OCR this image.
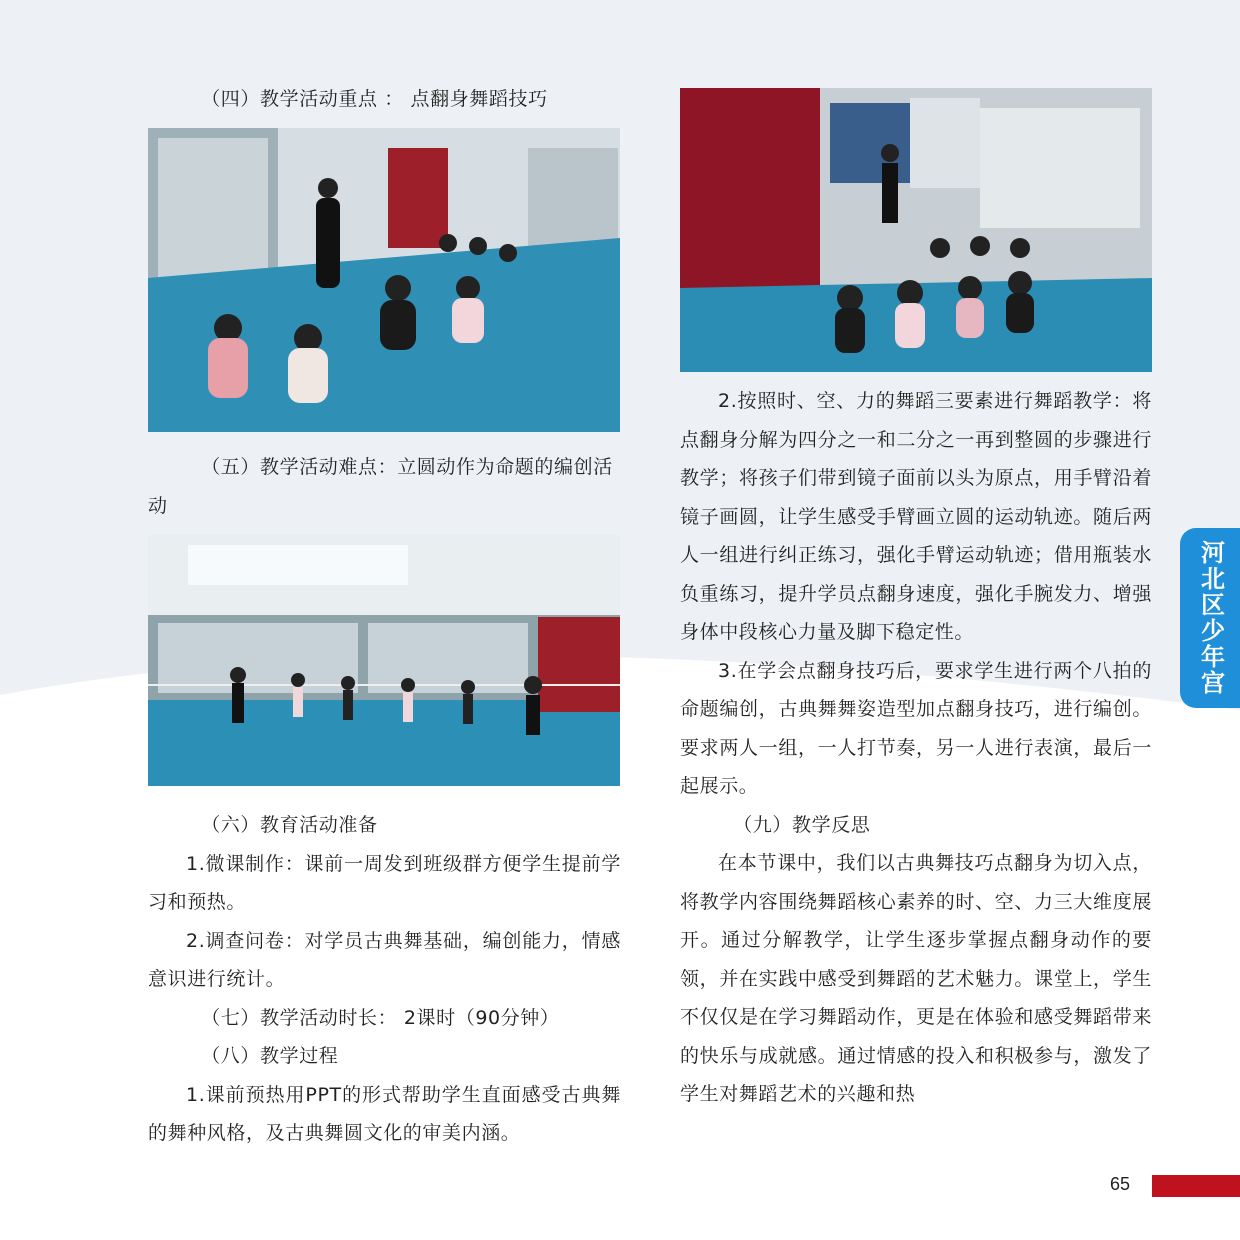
（四）教学活动重点 ： 点翻身舞蹈技巧

（五）教学活动难点：立圆动作为命题的编创活动

（六）教育活动准备

1.微课制作：课前一周发到班级群方便学生提前学习和预热。

2.调查问卷：对学员古典舞基础，编创能力，情感意识进行统计。

（七）教学活动时长： 2课时（90分钟）

（八）教学过程

1.课前预热用PPT的形式帮助学生直面感受古典舞的舞种风格，及古典舞圆文化的审美内涵。

2.按照时、空、力的舞蹈三要素进行舞蹈教学：将点翻身分解为四分之一和二分之一再到整圆的步骤进行教学；将孩子们带到镜子面前以头为原点，用手臂沿着镜子画圆，让学生感受手臂画立圆的运动轨迹。随后两人一组进行纠正练习，强化手臂运动轨迹；借用瓶装水负重练习，提升学员点翻身速度，强化手腕发力、增强身体中段核心力量及脚下稳定性。

3.在学会点翻身技巧后，要求学生进行两个八拍的命题编创，古典舞舞姿造型加点翻身技巧，进行编创。要求两人一组，一人打节奏，另一人进行表演，最后一起展示。

（九）教学反思

在本节课中，我们以古典舞技巧点翻身为切入点，将教学内容围绕舞蹈核心素养的时、空、力三大维度展开。通过分解教学，让学生逐步掌握点翻身动作的要领，并在实践中感受到舞蹈的艺术魅力。课堂上，学生不仅仅是在学习舞蹈动作，更是在体验和感受舞蹈带来的快乐与成就感。通过情感的投入和积极参与，激发了学生对舞蹈艺术的兴趣和热

河北区少年宫
65
